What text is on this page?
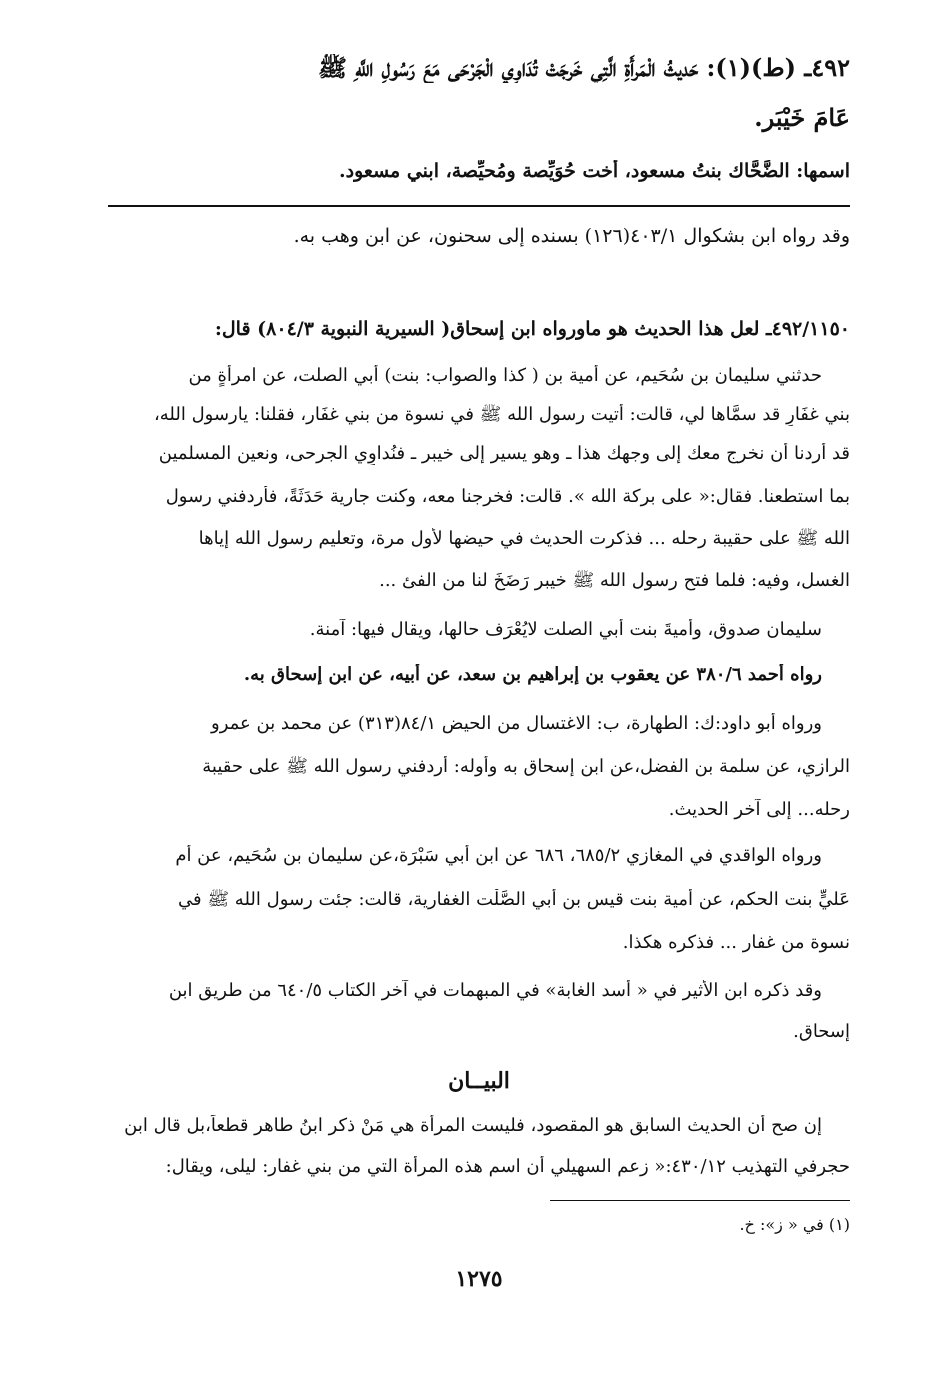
٤٩٢ـ (ط)(١): حَديثُ الْمَرأَةِ الَّتِي خَرجَتْ تُدَاوِي الْجَرْحَى مَعَ رَسُولِ اللَّهِ ﷺ
عَامَ خَيْبَر.
اسمها: الضَّحَّاك بنتُ مسعود، أخت حُوَيِّصة ومُحيِّصة، ابني مسعود.
وقد رواه ابن بشكوال ٤٠٣/١(١٢٦) بسنده إلى سحنون، عن ابن وهب به.
٤٩٢/١١٥٠ـ لعل هذا الحديث هو ماورواه ابن إسحاق( السيرية النبوية ٨٠٤/٣) قال:
حدثني سليمان بن سُحَيم، عن أمية بن ( كذا والصواب: بنت) أبي الصلت، عن امرأةٍ من
بني غفَارٍ قد سمَّاها لي، قالت: أتيت رسول الله ﷺ في نسوة من بني غفَار، فقلنا: يارسول الله،
قد أردنا أن نخرج معك إلى وجهك هذا ـ وهو يسير إلى خيبر ـ فنُداوِي الجرحى، ونعين المسلمين
بما استطعنا. فقال:« على بركة الله ». قالت: فخرجنا معه، وكنت جارية حَدَثَةً، فأردفني رسول
الله ﷺ على حقيبة رحله ... فذكرت الحديث في حيضها لأول مرة، وتعليم رسول الله إياها
الغسل، وفيه: فلما فتح رسول الله ﷺ خيبر رَضَخَ لنا من الفئ ...
سليمان صدوق، وأميةَ بنت أبي الصلت لايُعْرَف حالها، ويقال فيها: آمنة.
رواه أحمد ٣٨٠/٦ عن يعقوب بن إبراهيم بن سعد، عن أبيه، عن ابن إسحاق به.
ورواه أبو داود:ك: الطهارة، ب: الاغتسال من الحيض ٨٤/١(٣١٣) عن محمد بن عمرو
الرازي، عن سلمة بن الفضل،عن ابن إسحاق به وأوله: أردفني رسول الله ﷺ على حقيبة
رحله... إلى آخر الحديث.
ورواه الواقدي في المغازي ٦٨٥/٢، ٦٨٦ عن ابن أبي سَبْرَة،عن سليمان بن سُحَيم، عن أم
عَليٍّ بنت الحكم، عن أمية بنت قيس بن أبي الصَّلْت الغفارية، قالت: جئت رسول الله ﷺ في
نسوة من غفار ... فذكره هكذا.
وقد ذكره ابن الأثير في « أسد الغابة» في المبهمات في آخر الكتاب ٦٤٠/٥ من طريق ابن
إسحاق.
البيــان
إن صح أن الحديث السابق هو المقصود، فليست المرأة هي مَنْ ذكر ابنُ طاهر قطعاً،بل قال ابن
حجرفي التهذيب ٤٣٠/١٢:« زعم السهيلي أن اسم هذه المرأة التي من بني غفار: ليلى، ويقال:
(١) في « ز»: خ.
١٢٧٥
